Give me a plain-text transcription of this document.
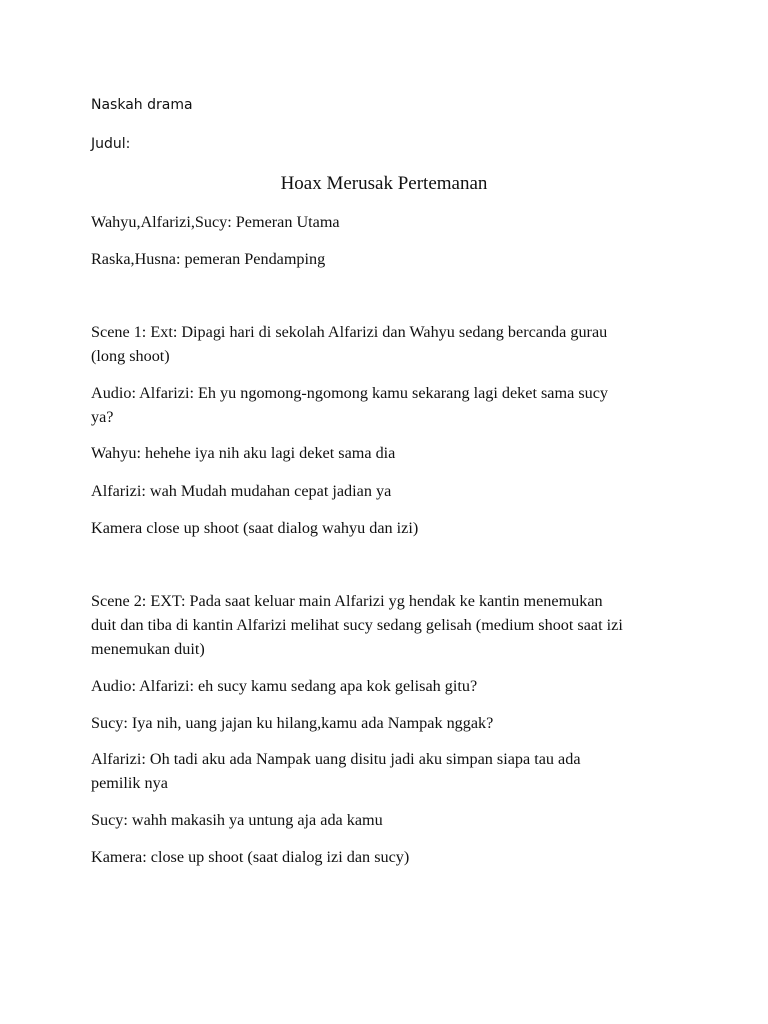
Naskah drama
Judul:
Hoax Merusak Pertemanan
Wahyu,Alfarizi,Sucy: Pemeran Utama
Raska,Husna: pemeran Pendamping
Scene 1: Ext: Dipagi hari di sekolah Alfarizi dan Wahyu sedang bercanda gurau
(long shoot)
Audio: Alfarizi: Eh yu ngomong-ngomong kamu sekarang lagi deket sama sucy
ya?
Wahyu: hehehe iya nih aku lagi deket sama dia
Alfarizi: wah Mudah mudahan cepat jadian ya
Kamera close up shoot (saat dialog wahyu dan izi)
Scene 2: EXT: Pada saat keluar main Alfarizi yg hendak ke kantin menemukan
duit dan tiba di kantin Alfarizi melihat sucy sedang gelisah (medium shoot saat izi
menemukan duit)
Audio: Alfarizi: eh sucy kamu sedang apa kok gelisah gitu?
Sucy: Iya nih, uang jajan ku hilang,kamu ada Nampak nggak?
Alfarizi: Oh tadi aku ada Nampak uang disitu jadi aku simpan siapa tau ada
pemilik nya
Sucy: wahh makasih ya untung aja ada kamu
Kamera: close up shoot (saat dialog izi dan sucy)
